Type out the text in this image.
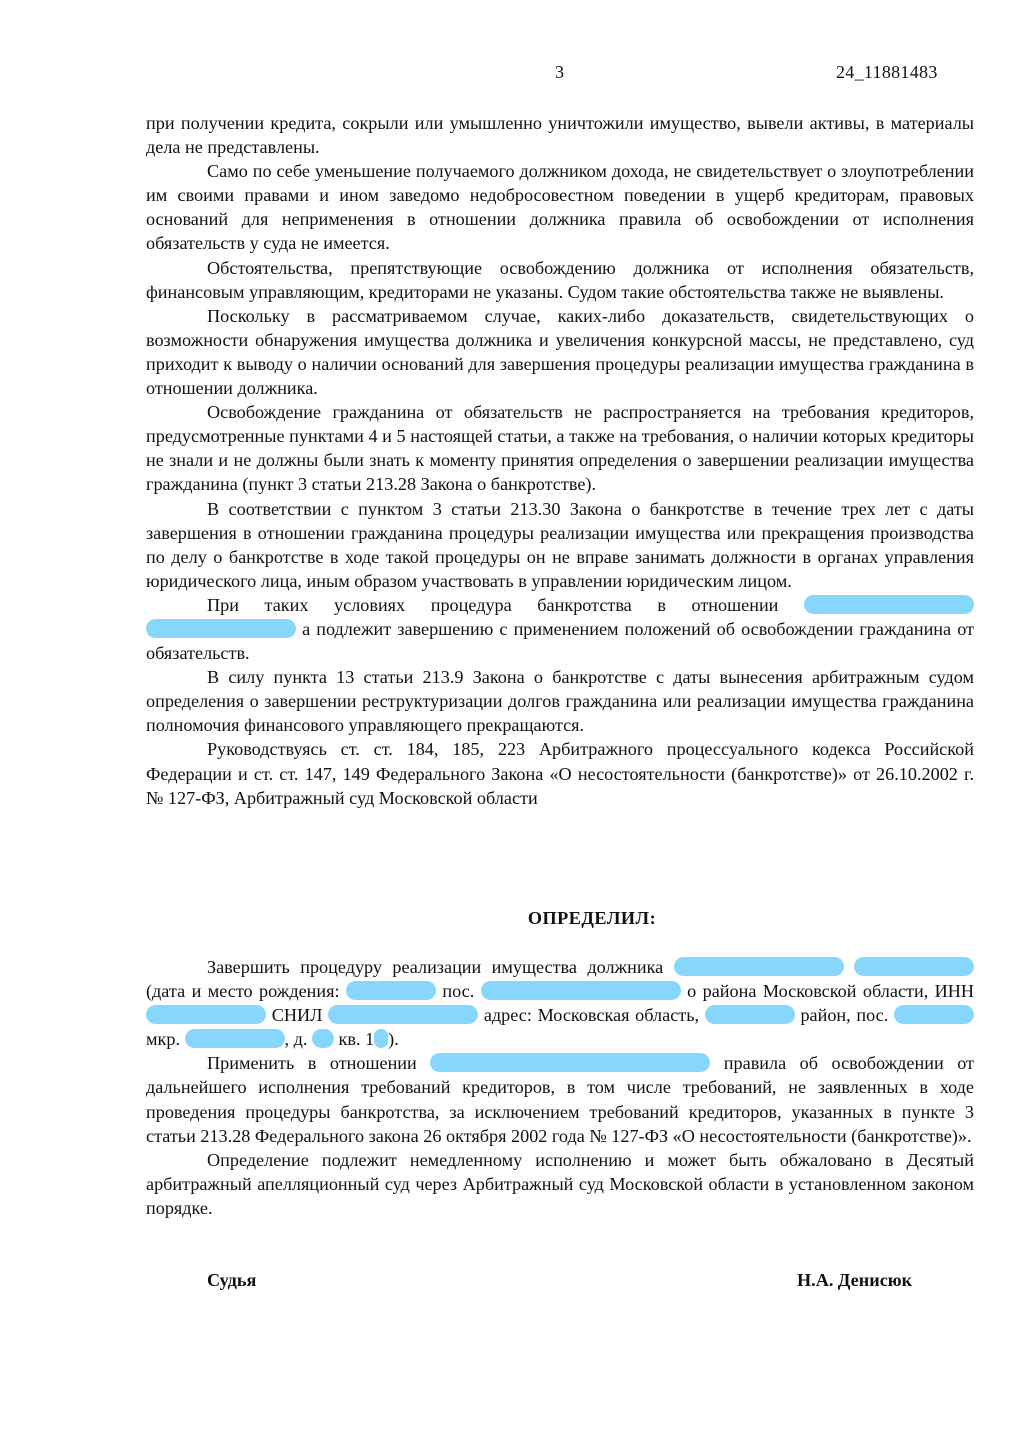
3	24_11881483

при получении кредита, сокрыли или умышленно уничтожили имущество, вывели активы, в материалы дела не представлены.

Само по себе уменьшение получаемого должником дохода, не свидетельствует о злоупотреблении им своими правами и ином заведомо недобросовестном поведении в ущерб кредиторам, правовых оснований для неприменения в отношении должника правила об освобождении от исполнения обязательств у суда не имеется.

Обстоятельства, препятствующие освобождению должника от исполнения обязательств, финансовым управляющим, кредиторами не указаны. Судом такие обстоятельства также не выявлены.

Поскольку в рассматриваемом случае, каких-либо доказательств, свидетельствующих о возможности обнаружения имущества должника и увеличения конкурсной массы, не представлено, суд приходит к выводу о наличии оснований для завершения процедуры реализации имущества гражданина в отношении должника.

Освобождение гражданина от обязательств не распространяется на требования кредиторов, предусмотренные пунктами 4 и 5 настоящей статьи, а также на требования, о наличии которых кредиторы не знали и не должны были знать к моменту принятия определения о завершении реализации имущества гражданина (пункт 3 статьи 213.28 Закона о банкротстве).

В соответствии с пунктом 3 статьи 213.30 Закона о банкротстве в течение трех лет с даты завершения в отношении гражданина процедуры реализации имущества или прекращения производства по делу о банкротстве в ходе такой процедуры он не вправе занимать должности в органах управления юридического лица, иным образом участвовать в управлении юридическим лицом.

При таких условиях процедура банкротства в отношении   а подлежит завершению с применением положений об освобождении гражданина от обязательств.

В силу пункта 13 статьи 213.9 Закона о банкротстве с даты вынесения арбитражным судом определения о завершении реструктуризации долгов гражданина или реализации имущества гражданина полномочия финансового управляющего прекращаются.

Руководствуясь ст. ст. 184, 185, 223 Арбитражного процессуального кодекса Российской Федерации и ст. ст. 147, 149 Федерального Закона «О несостоятельности (банкротстве)» от 26.10.2002 г. № 127-ФЗ, Арбитражный суд Московской области

ОПРЕДЕЛИЛ:

Завершить процедуру реализации имущества должника   (дата и место рождения:	пос.	о района Московской области, ИНН  СНИЛ	адрес: Московская область,	район, пос.  мкр.	, д. кв. 1 ).

Применить в отношении	правила об освобождении от дальнейшего исполнения требований кредиторов, в том числе требований, не заявленных в ходе проведения процедуры банкротства, за исключением требований кредиторов, указанных в пункте 3 статьи 213.28 Федерального закона 26 октября 2002 года № 127-ФЗ «О несостоятельности (банкротстве)».

Определение подлежит немедленному исполнению и может быть обжаловано в Десятый арбитражный апелляционный суд через Арбитражный суд Московской области в установленном законом порядке.

Судья	Н.А. Денисюк
